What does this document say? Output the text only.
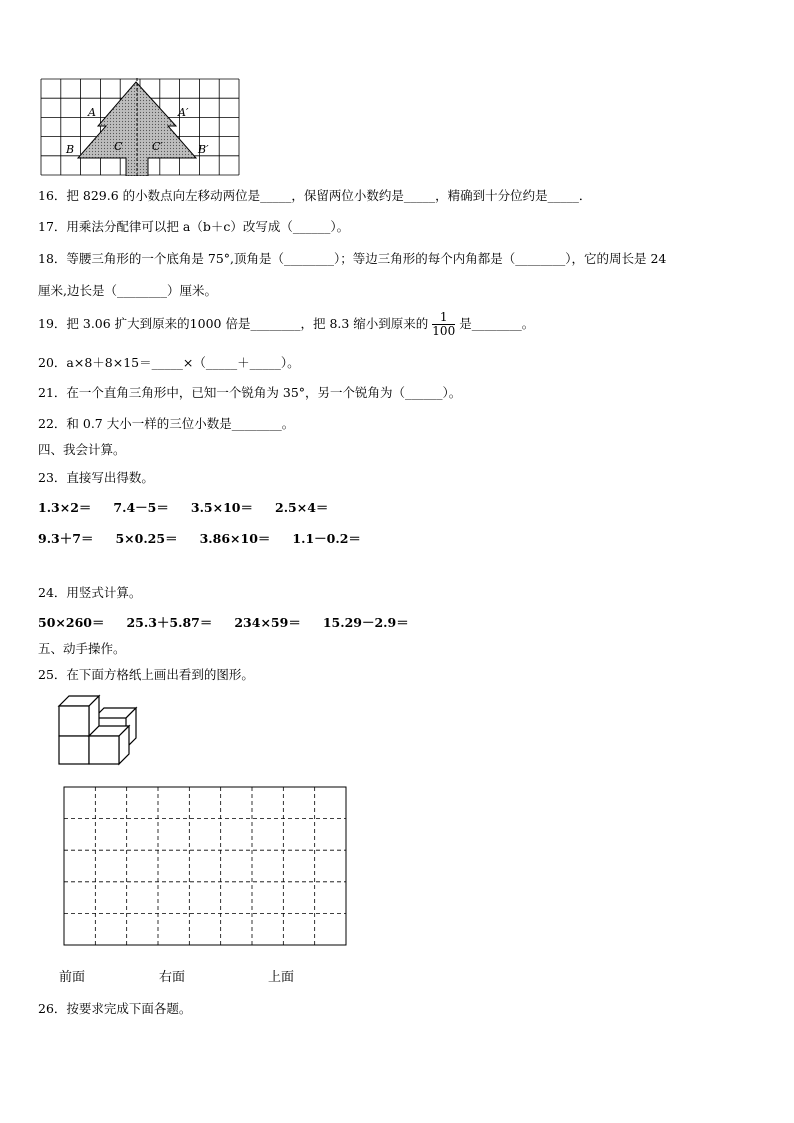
A	A′
B	B′
C	C′
16．把 829.6 的小数点向左移动两位是_____，保留两位小数约是_____，精确到十分位约是_____．
17．用乘法分配律可以把 a（b＋c）改写成（______）。
18．等腰三角形的一个底角是 75°,顶角是（________）；等边三角形的每个内角都是（________），它的周长是 24
厘米,边长是（________）厘米。
19．把 3.06 扩大到原来的1000 倍是________，把 8.3 缩小到原来的 $\frac{1}{100}$ 是________。
20．a×8＋8×15＝_____×（_____＋_____）。
21．在一个直角三角形中，已知一个锐角为 35°，另一个锐角为（______）。
22．和 0.7 大小一样的三位小数是________。
四、我会计算。
23．直接写出得数。
1.3×2＝ 7.4－5＝ 3.5×10＝ 2.5×4＝
9.3＋7＝ 5×0.25＝ 3.86×10＝ 1.1－0.2＝
24．用竖式计算。
50×260＝ 25.3＋5.87＝ 234×59＝ 15.29－2.9＝
五、动手操作。
25．在下面方格纸上画出看到的图形。
前面	右面	上面
26．按要求完成下面各题。
